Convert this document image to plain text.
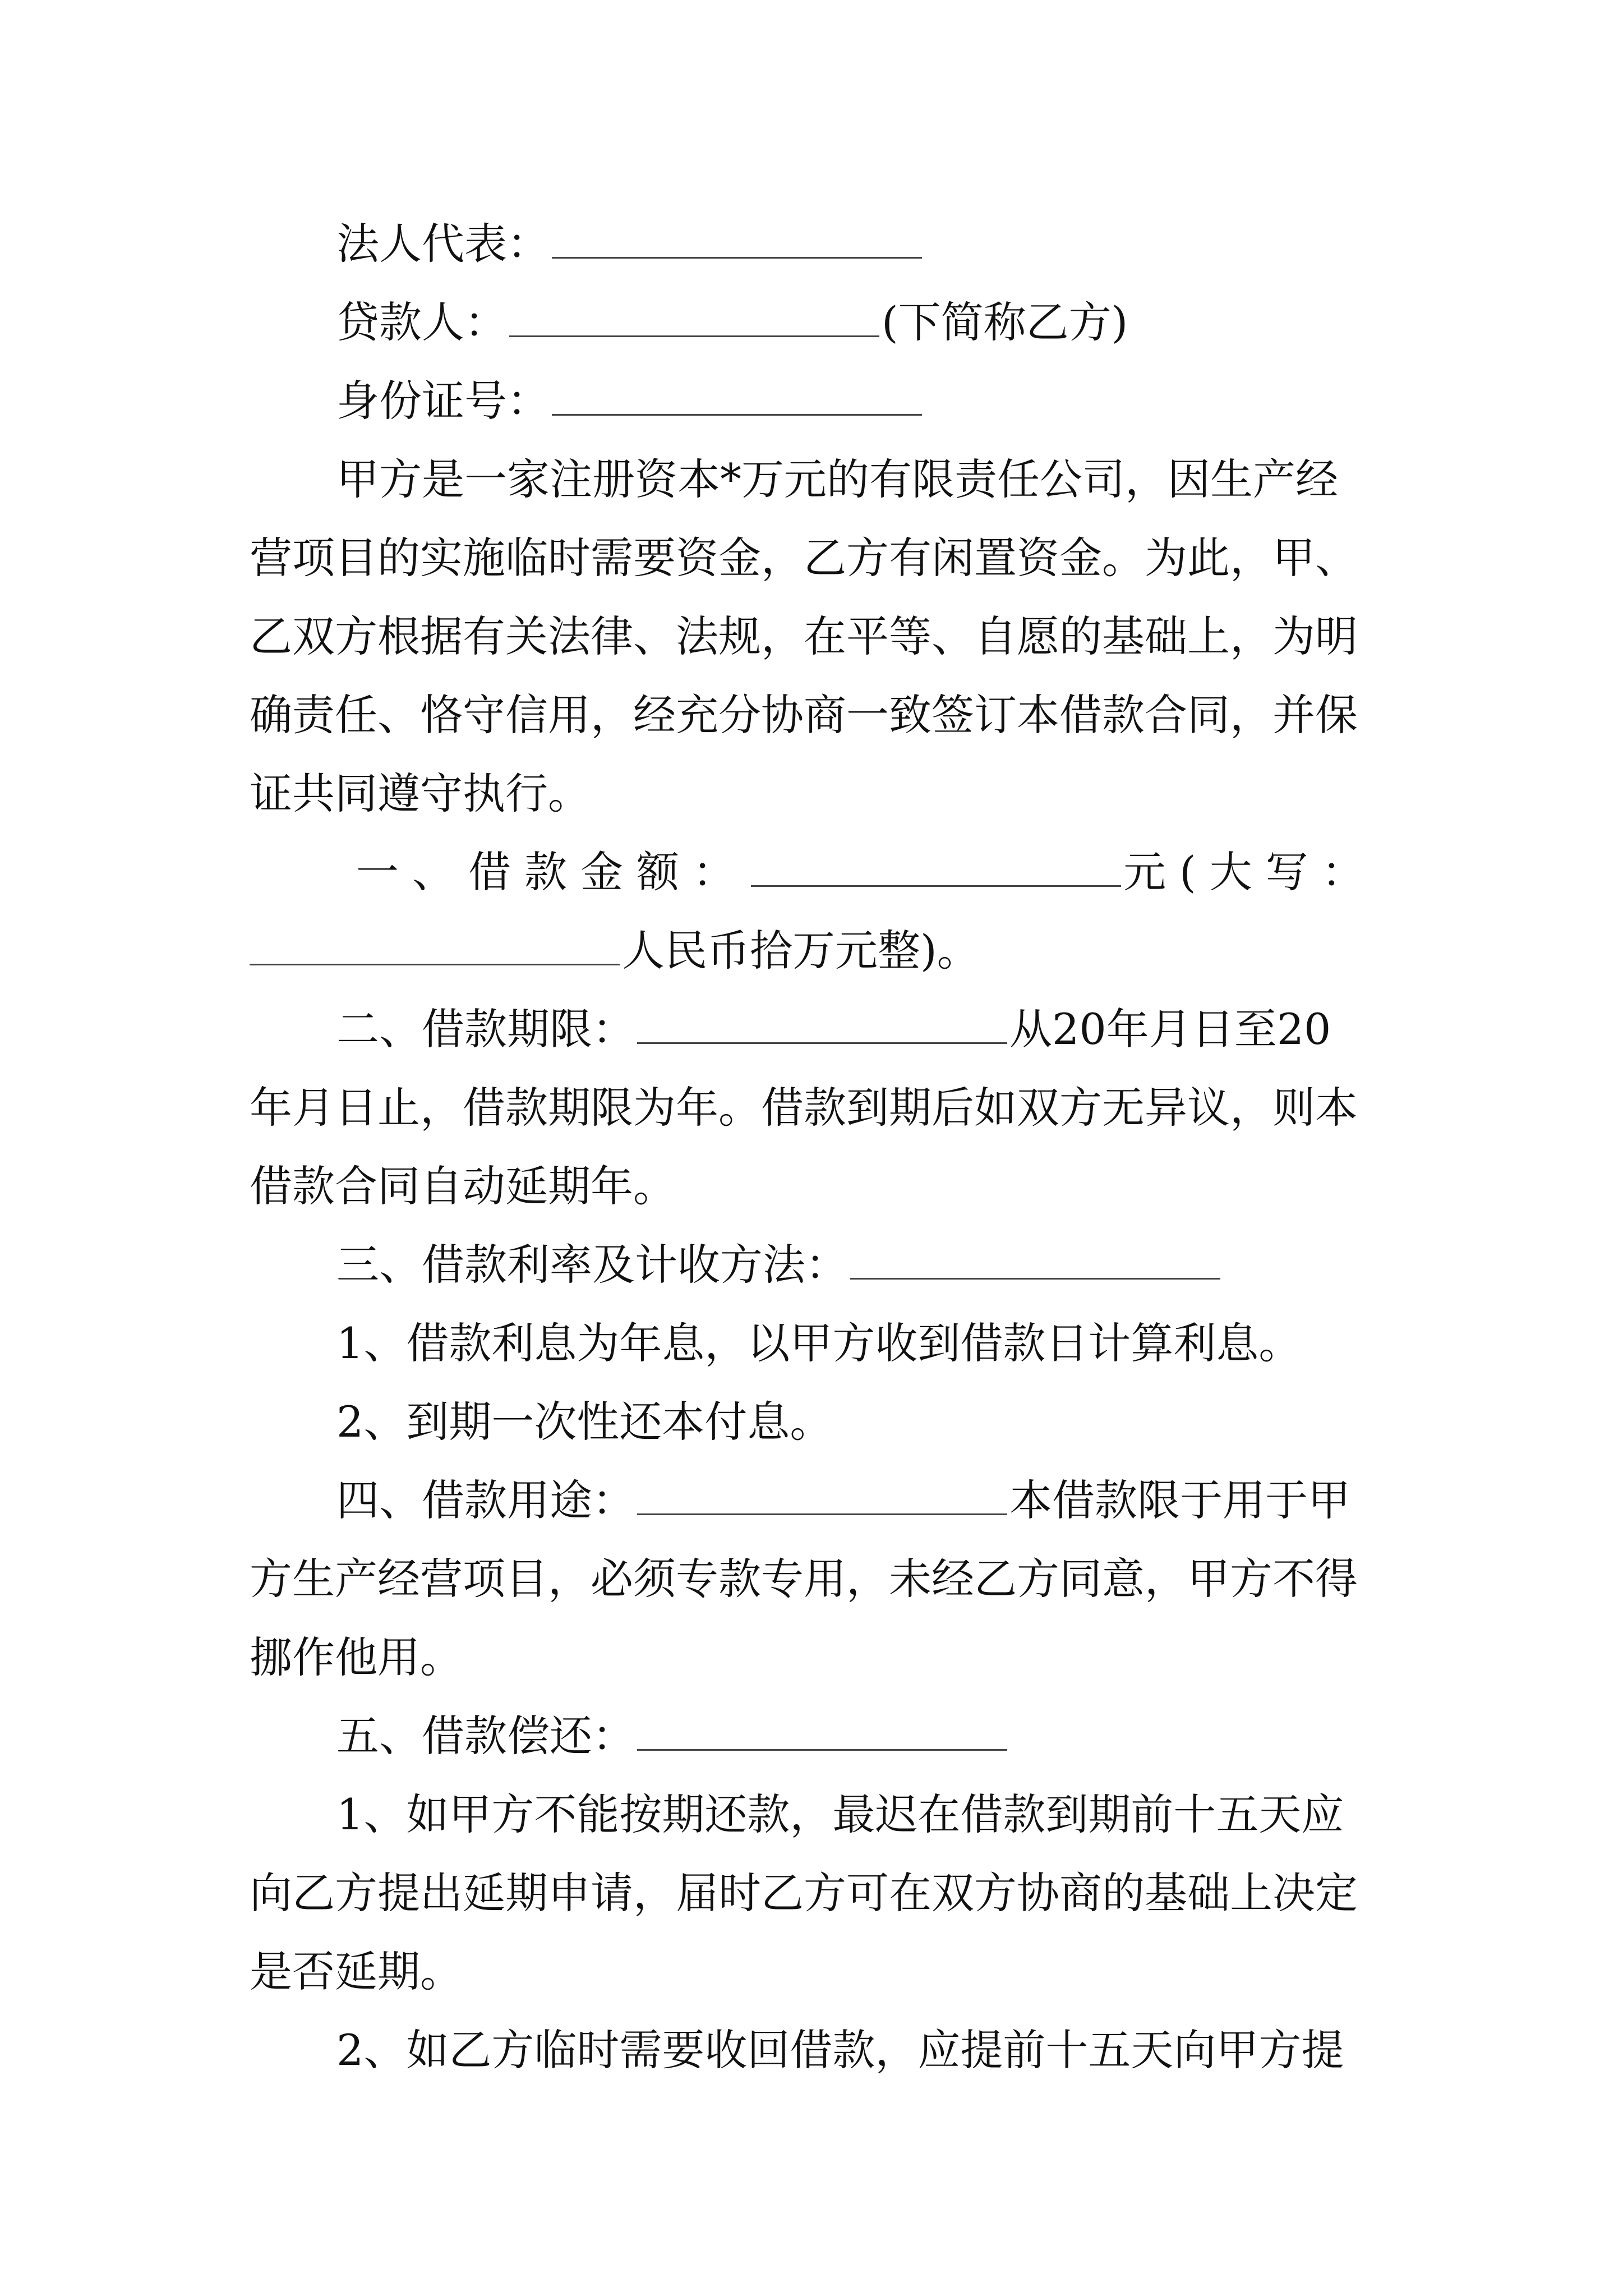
法人代表：
贷款人：	(下简称乙方)
身份证号：
甲方是一家注册资本*万元的有限责任公司，因生产经
营项目的实施临时需要资金，乙方有闲置资金。为此，甲、
乙双方根据有关法律、法规，在平等、自愿的基础上，为明
确责任、恪守信用，经充分协商一致签订本借款合同，并保
证共同遵守执行。
一、借款金额：	元(大写：
人民币拾万元整)。
二、借款期限：	从20年月日至20
年月日止，借款期限为年。借款到期后如双方无异议，则本
借款合同自动延期年。
三、借款利率及计收方法：
1、借款利息为年息，以甲方收到借款日计算利息。
2、到期一次性还本付息。
四、借款用途：	本借款限于用于甲
方生产经营项目，必须专款专用，未经乙方同意，甲方不得
挪作他用。
五、借款偿还：
1、如甲方不能按期还款，最迟在借款到期前十五天应
向乙方提出延期申请，届时乙方可在双方协商的基础上决定
是否延期。
2、如乙方临时需要收回借款，应提前十五天向甲方提
